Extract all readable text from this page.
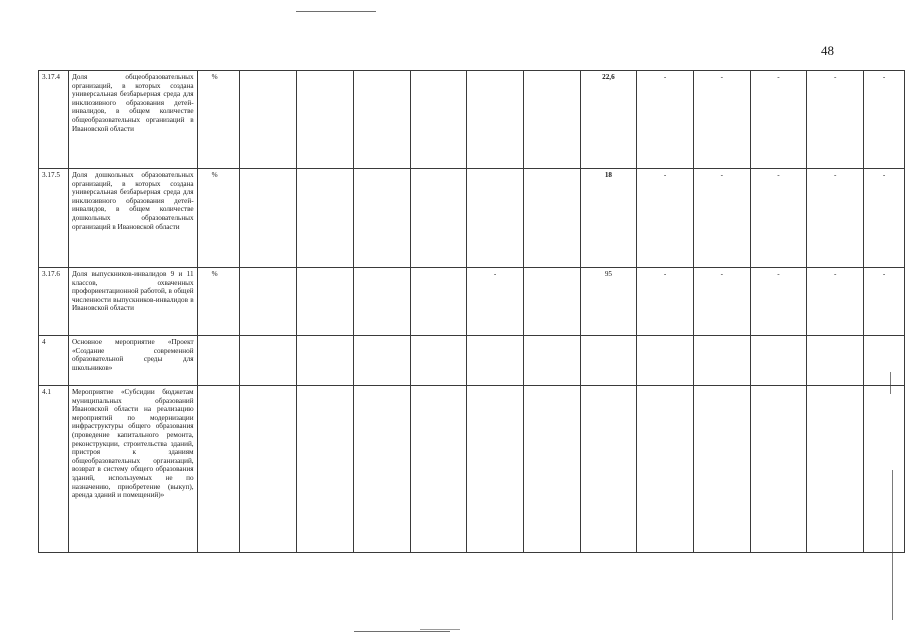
48
3.17.4	Доля общеобразовательных организаций, в которых создана универсальная безбарьерная среда для инклюзивного образования детей-инвалидов, в общем количестве общеобразовательных организаций в Ивановской области	%							22,6	-	-	-	-	-
3.17.5	Доля дошкольных образовательных организаций, в которых создана универсальная безбарьерная среда для инклюзивного образования детей-инвалидов, в общем количестве дошкольных образовательных организаций в Ивановской области	%							18	-	-	-	-	-
3.17.6	Доля выпускников-инвалидов 9 и 11 классов, охваченных профориентационной работой, в общей численности выпускников-инвалидов в Ивановской области	%					-		95	-	-	-	-	-
4	Основное мероприятие «Проект «Создание современной образовательной среды для школьников»													
4.1	Мероприятие «Субсидии бюджетам муниципальных образований Ивановской области на реализацию мероприятий по модернизации инфраструктуры общего образования (проведение капитального ремонта, реконструкции, строительства зданий, пристроя к зданиям общеобразовательных организаций, возврат в систему общего образования зданий, используемых не по назначению, приобретение (выкуп), аренда зданий и помещений)»													
